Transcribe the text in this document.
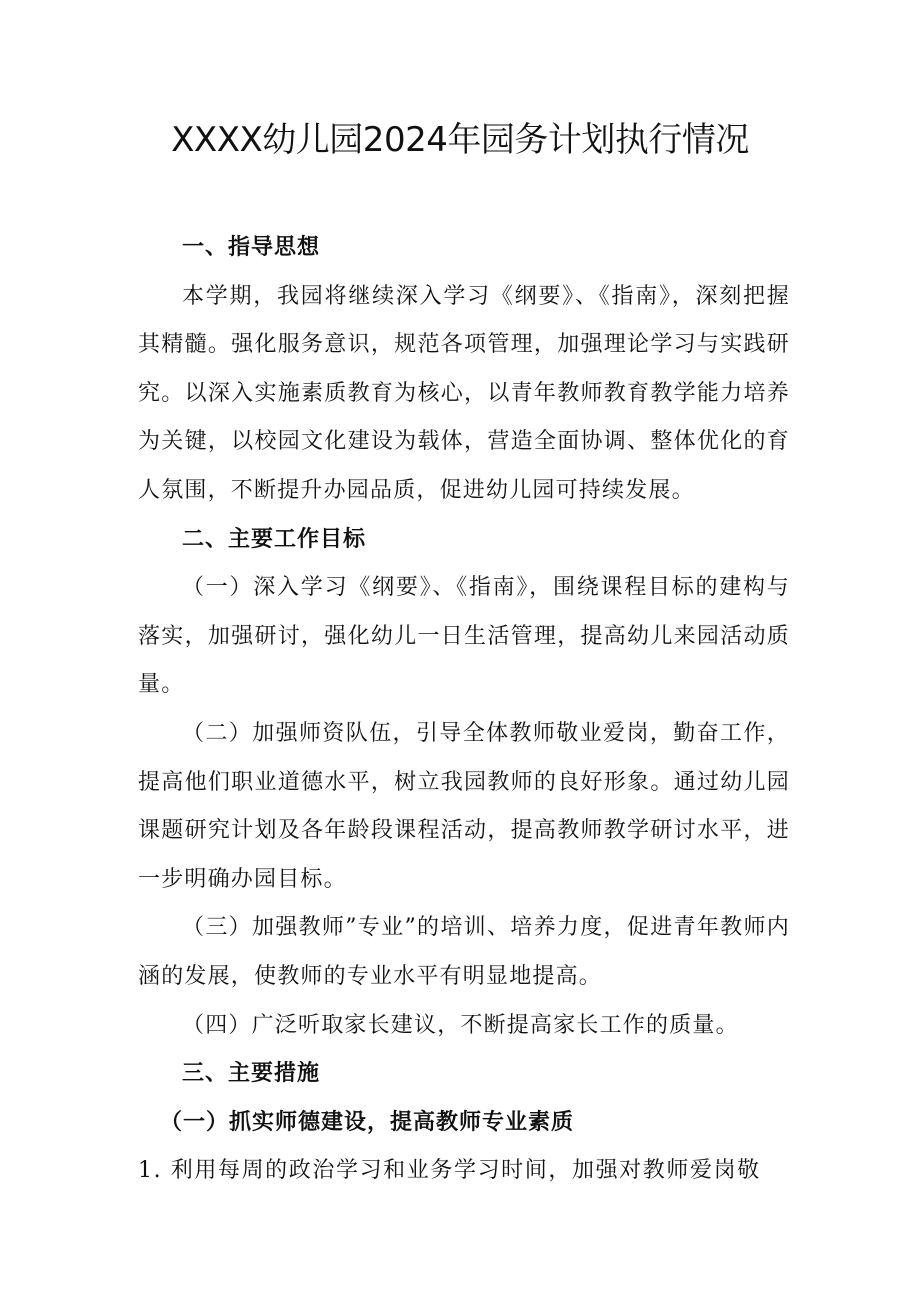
XXXX幼儿园2024年园务计划执行情况

一、指导思想

本学期，我园将继续深入学习《纲要》、《指南》，深刻把握其精髓。强化服务意识，规范各项管理，加强理论学习与实践研究。以深入实施素质教育为核心，以青年教师教育教学能力培养为关键，以校园文化建设为载体，营造全面协调、整体优化的育人氛围，不断提升办园品质，促进幼儿园可持续发展。

二、主要工作目标

（一）深入学习《纲要》、《指南》，围绕课程目标的建构与落实，加强研讨，强化幼儿一日生活管理，提高幼儿来园活动质量。

（二）加强师资队伍，引导全体教师敬业爱岗，勤奋工作，提高他们职业道德水平，树立我园教师的良好形象。通过幼儿园课题研究计划及各年龄段课程活动，提高教师教学研讨水平，进一步明确办园目标。

（三）加强教师”专业”的培训、培养力度，促进青年教师内涵的发展，使教师的专业水平有明显地提高。

（四）广泛听取家长建议，不断提高家长工作的质量。

三、主要措施

（一）抓实师德建设，提高教师专业素质

1. 利用每周的政治学习和业务学习时间，加强对教师爱岗敬
